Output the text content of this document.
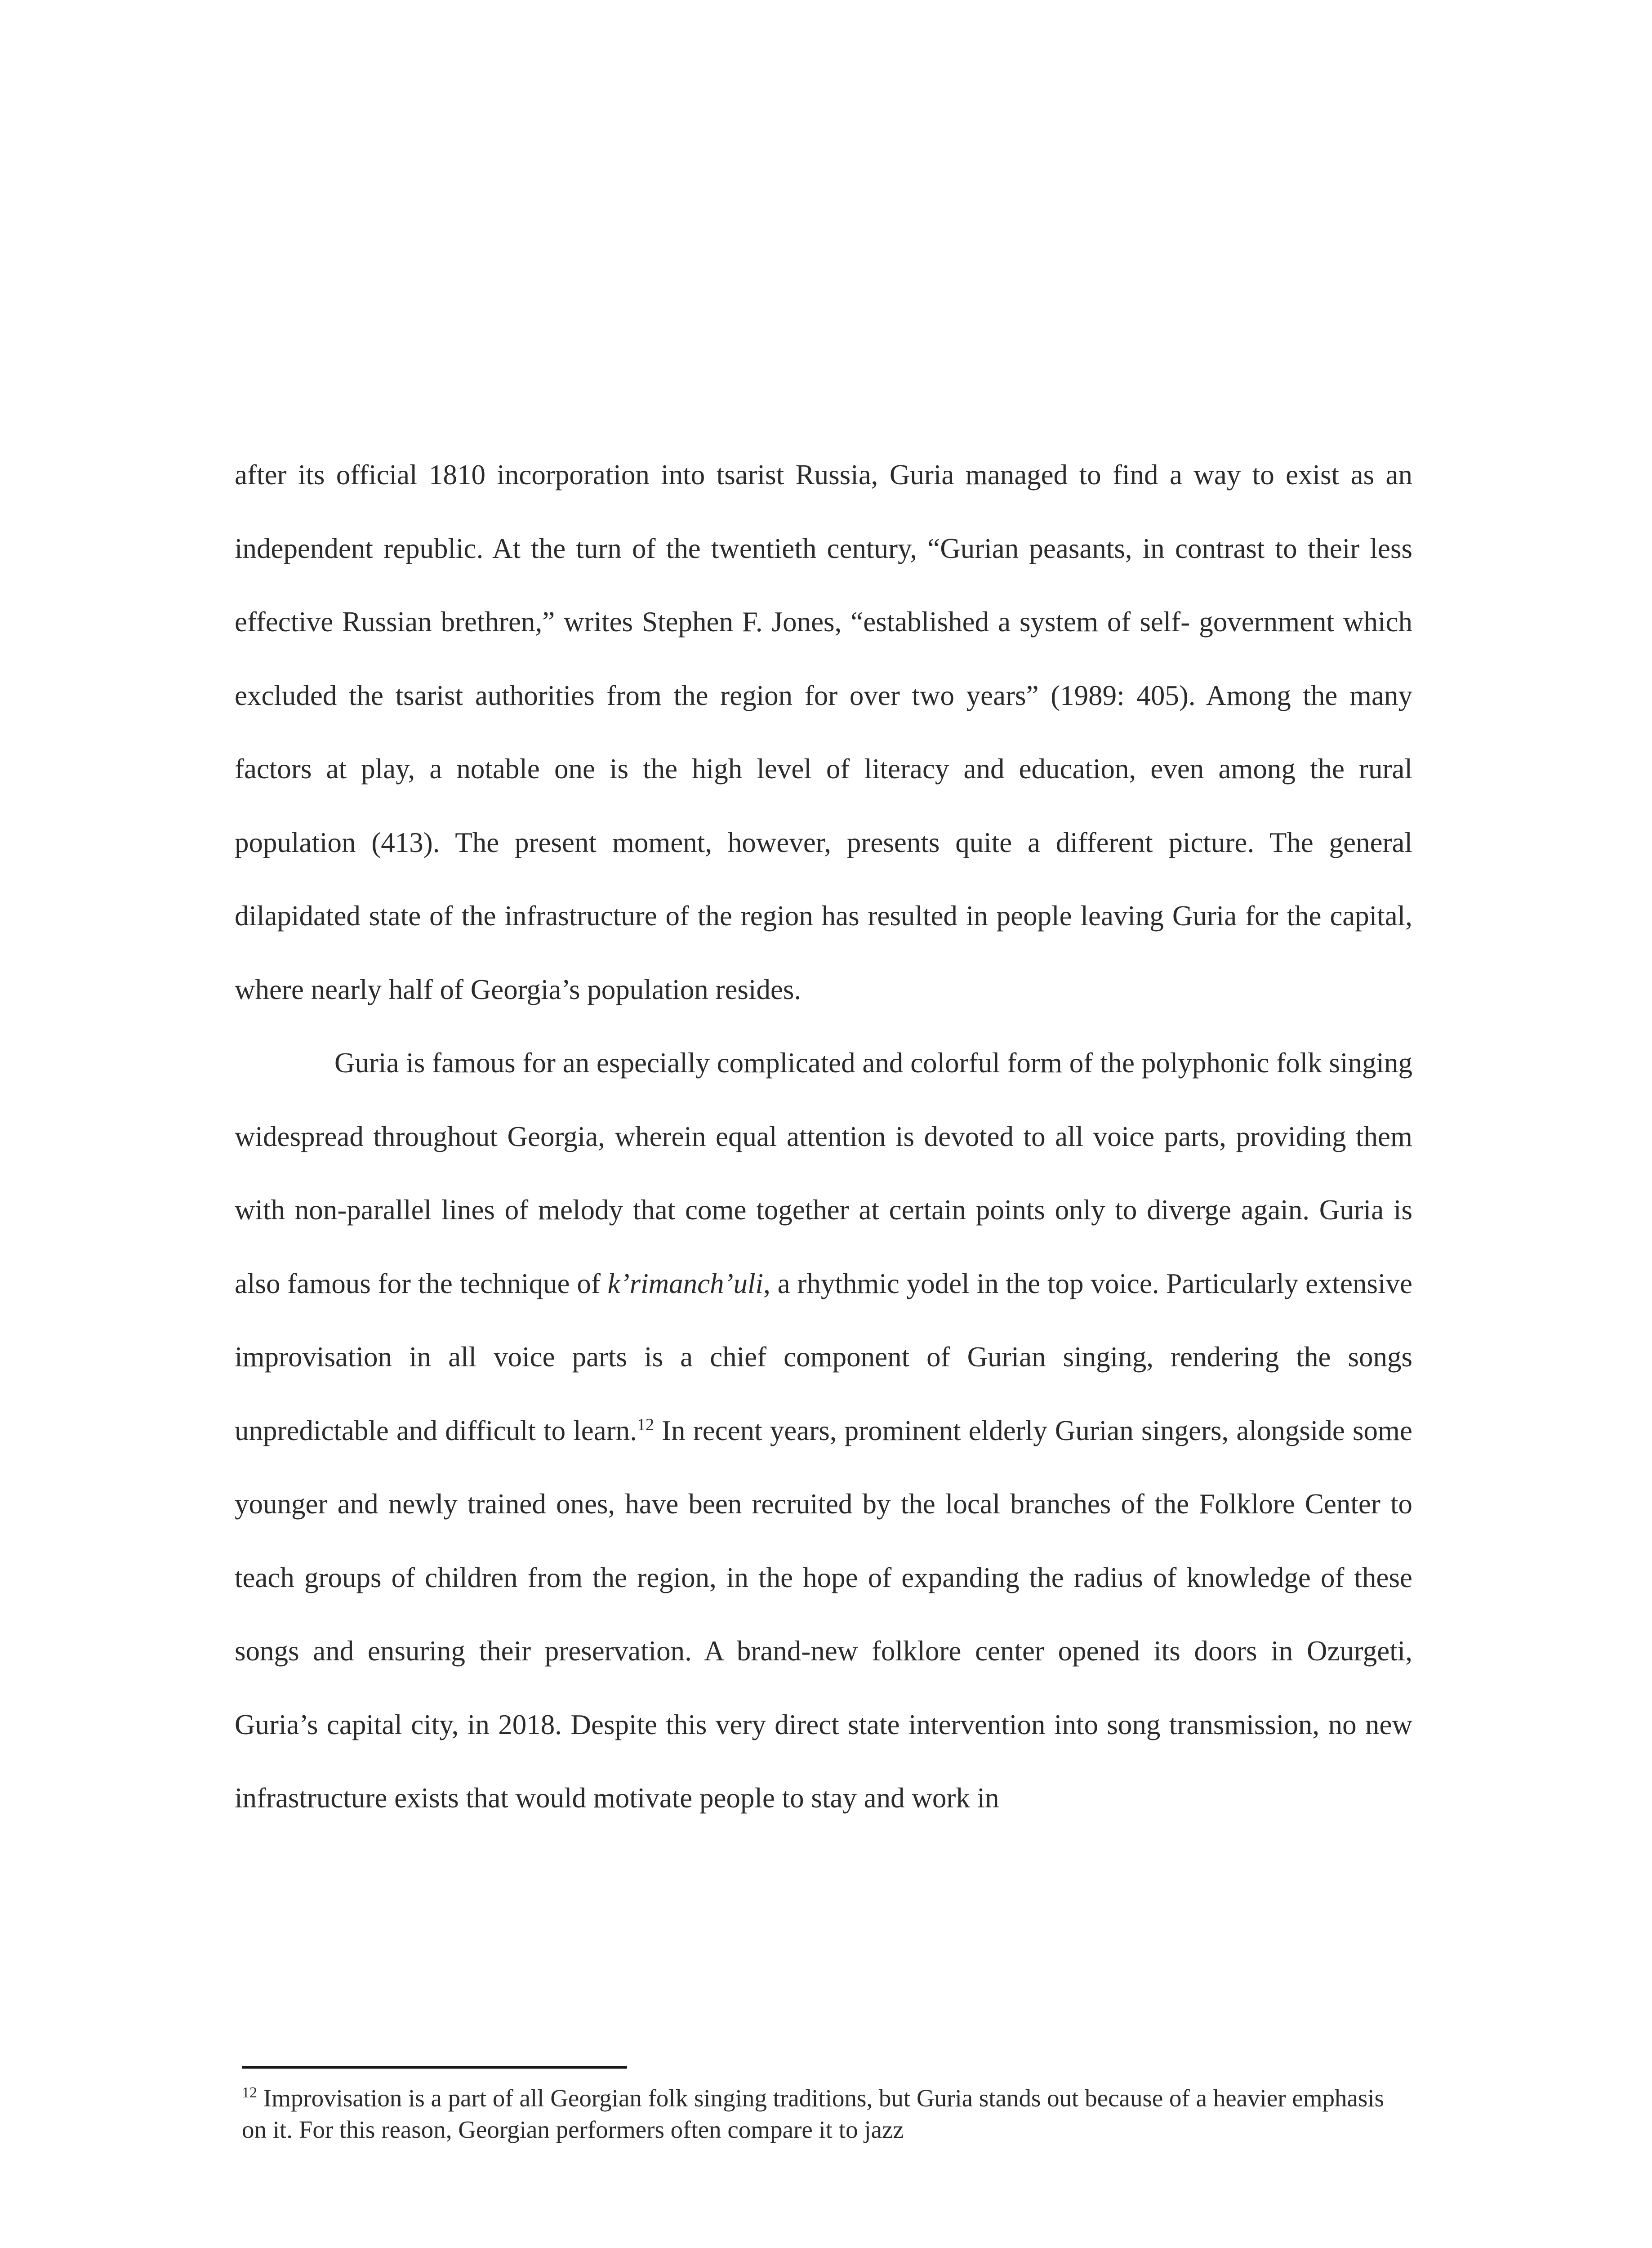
after its official 1810 incorporation into tsarist Russia, Guria managed to find a way to exist as an independent republic. At the turn of the twentieth century, “Gurian peasants, in contrast to their less effective Russian brethren,” writes Stephen F. Jones, “established a system of self- government which excluded the tsarist authorities from the region for over two years” (1989: 405). Among the many factors at play, a notable one is the high level of literacy and education, even among the rural population (413). The present moment, however, presents quite a different picture. The general dilapidated state of the infrastructure of the region has resulted in people leaving Guria for the capital, where nearly half of Georgia’s population resides.

Guria is famous for an especially complicated and colorful form of the polyphonic folk singing widespread throughout Georgia, wherein equal attention is devoted to all voice parts, providing them with non-parallel lines of melody that come together at certain points only to diverge again. Guria is also famous for the technique of k’rimanch’uli, a rhythmic yodel in the top voice. Particularly extensive improvisation in all voice parts is a chief component of Gurian singing, rendering the songs unpredictable and difficult to learn.$^{12}$ In recent years, prominent elderly Gurian singers, alongside some younger and newly trained ones, have been recruited by the local branches of the Folklore Center to teach groups of children from the region, in the hope of expanding the radius of knowledge of these songs and ensuring their preservation. A brand-new folklore center opened its doors in Ozurgeti, Guria’s capital city, in 2018. Despite this very direct state intervention into song transmission, no new infrastructure exists that would motivate people to stay and work in

$^{12}$ Improvisation is a part of all Georgian folk singing traditions, but Guria stands out because of a heavier emphasis on it. For this reason, Georgian performers often compare it to jazz
